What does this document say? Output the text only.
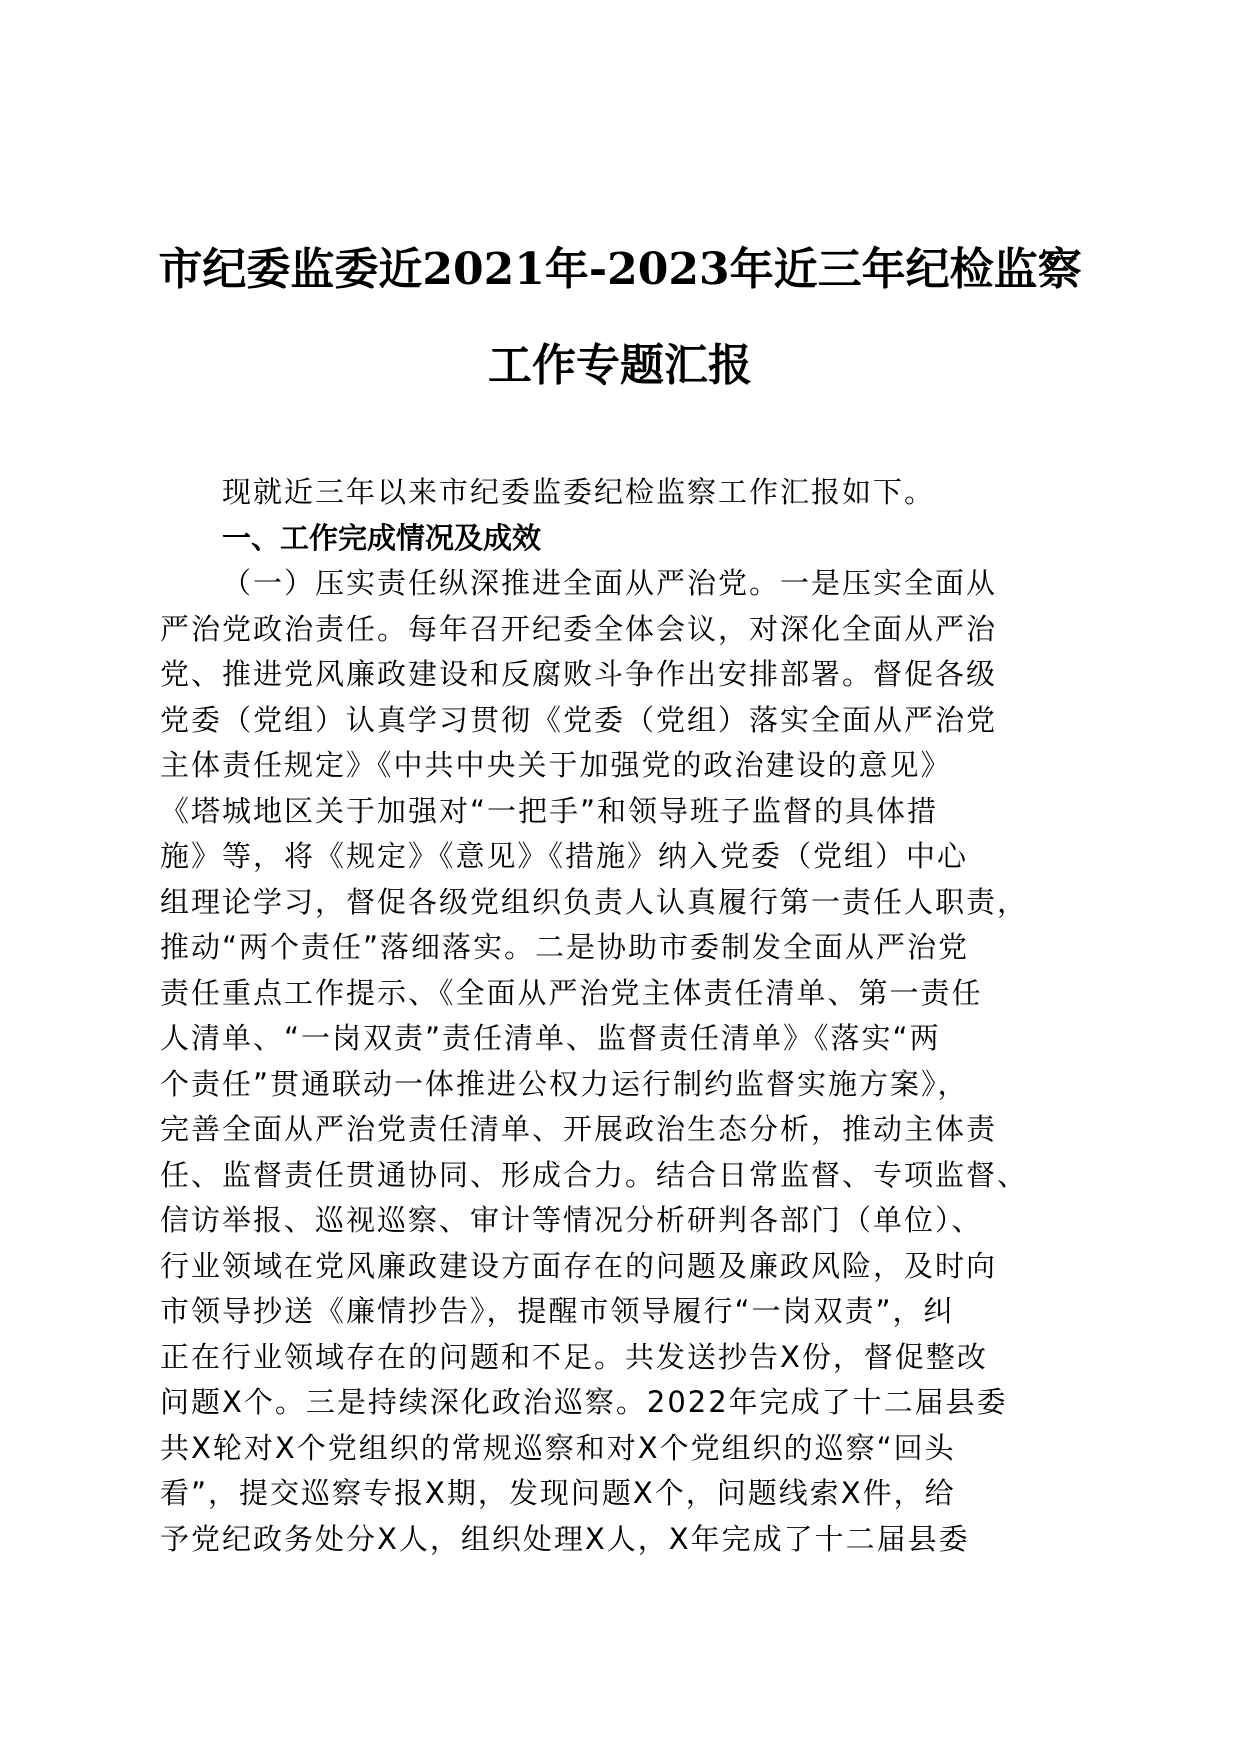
市纪委监委近2021年-2023年近三年纪检监察
工作专题汇报

现就近三年以来市纪委监委纪检监察工作汇报如下。

一、工作完成情况及成效

（一）压实责任纵深推进全面从严治党。一是压实全面从
严治党政治责任。每年召开纪委全体会议，对深化全面从严治
党、推进党风廉政建设和反腐败斗争作出安排部署。督促各级
党委（党组）认真学习贯彻《党委（党组）落实全面从严治党
主体责任规定》《中共中央关于加强党的政治建设的意见》
《塔城地区关于加强对“一把手”和领导班子监督的具体措
施》等，将《规定》《意见》《措施》纳入党委（党组）中心
组理论学习，督促各级党组织负责人认真履行第一责任人职责，
推动“两个责任”落细落实。二是协助市委制发全面从严治党
责任重点工作提示、《全面从严治党主体责任清单、第一责任
人清单、“一岗双责”责任清单、监督责任清单》《落实“两
个责任”贯通联动一体推进公权力运行制约监督实施方案》，
完善全面从严治党责任清单、开展政治生态分析，推动主体责
任、监督责任贯通协同、形成合力。结合日常监督、专项监督、
信访举报、巡视巡察、审计等情况分析研判各部门（单位）、
行业领域在党风廉政建设方面存在的问题及廉政风险，及时向
市领导抄送《廉情抄告》，提醒市领导履行“一岗双责”，纠
正在行业领域存在的问题和不足。共发送抄告X份，督促整改
问题X个。三是持续深化政治巡察。2022年完成了十二届县委
共X轮对X个党组织的常规巡察和对X个党组织的巡察“回头
看”，提交巡察专报X期，发现问题X个，问题线索X件，给
予党纪政务处分X人，组织处理X人，X年完成了十二届县委
